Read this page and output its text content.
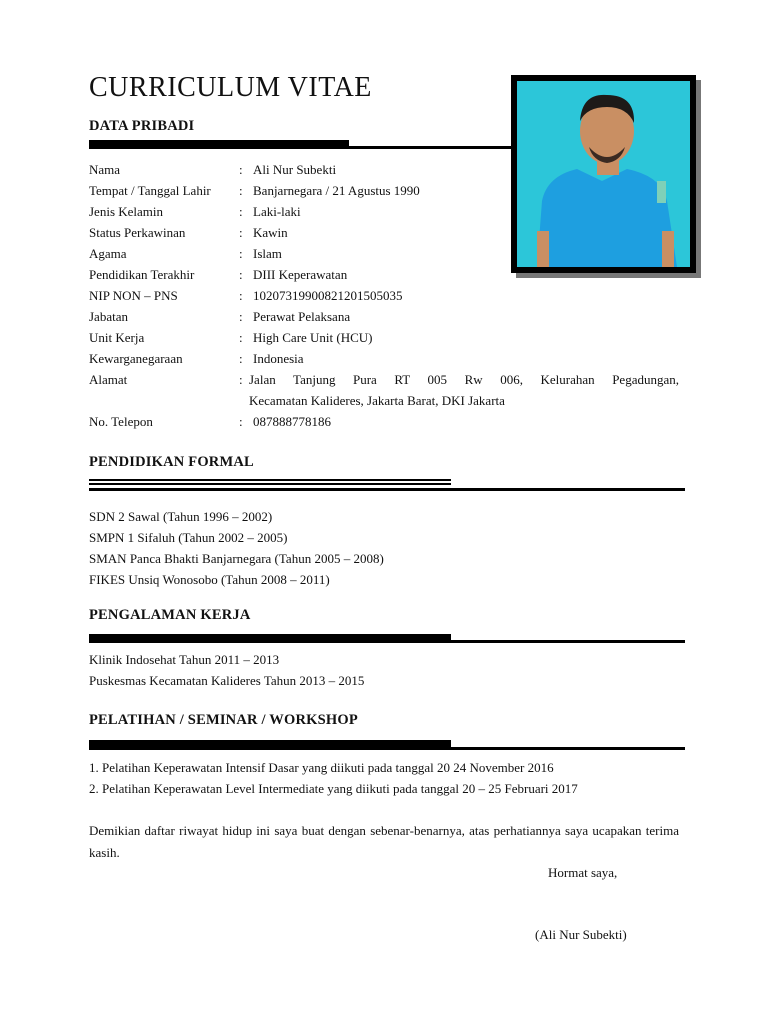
CURRICULUM VITAE
DATA PRIBADI
Nama	: Ali Nur Subekti
Tempat / Tanggal Lahir	: Banjarnegara / 21 Agustus 1990
Jenis Kelamin	: Laki-laki
Status Perkawinan	: Kawin
Agama	: Islam
Pendidikan Terakhir	: DIII Keperawatan
NIP NON – PNS	: 10207319900821201505035
Jabatan	: Perawat Pelaksana
Unit Kerja	: High Care Unit (HCU)
Kewarganegaraan	: Indonesia
Alamat	: Jalan Tanjung Pura RT 005 Rw 006, Kelurahan Pegadungan,
Kecamatan Kalideres, Jakarta Barat, DKI Jakarta
No. Telepon	: 087888778186
PENDIDIKAN FORMAL
SDN 2 Sawal (Tahun 1996 – 2002)
SMPN 1 Sifaluh (Tahun 2002 – 2005)
SMAN Panca Bhakti Banjarnegara (Tahun 2005 – 2008)
FIKES Unsiq Wonosobo (Tahun 2008 – 2011)
PENGALAMAN KERJA
Klinik Indosehat Tahun 2011 – 2013
Puskesmas Kecamatan Kalideres Tahun 2013 – 2015
PELATIHAN / SEMINAR / WORKSHOP
1. Pelatihan Keperawatan Intensif Dasar yang diikuti pada tanggal 20 24 November 2016
2. Pelatihan Keperawatan Level Intermediate yang diikuti pada tanggal 20 – 25 Februari 2017
Demikian daftar riwayat hidup ini saya buat dengan sebenar-benarnya, atas perhatiannya saya ucapakan terima kasih.
Hormat saya,
(Ali Nur Subekti)
